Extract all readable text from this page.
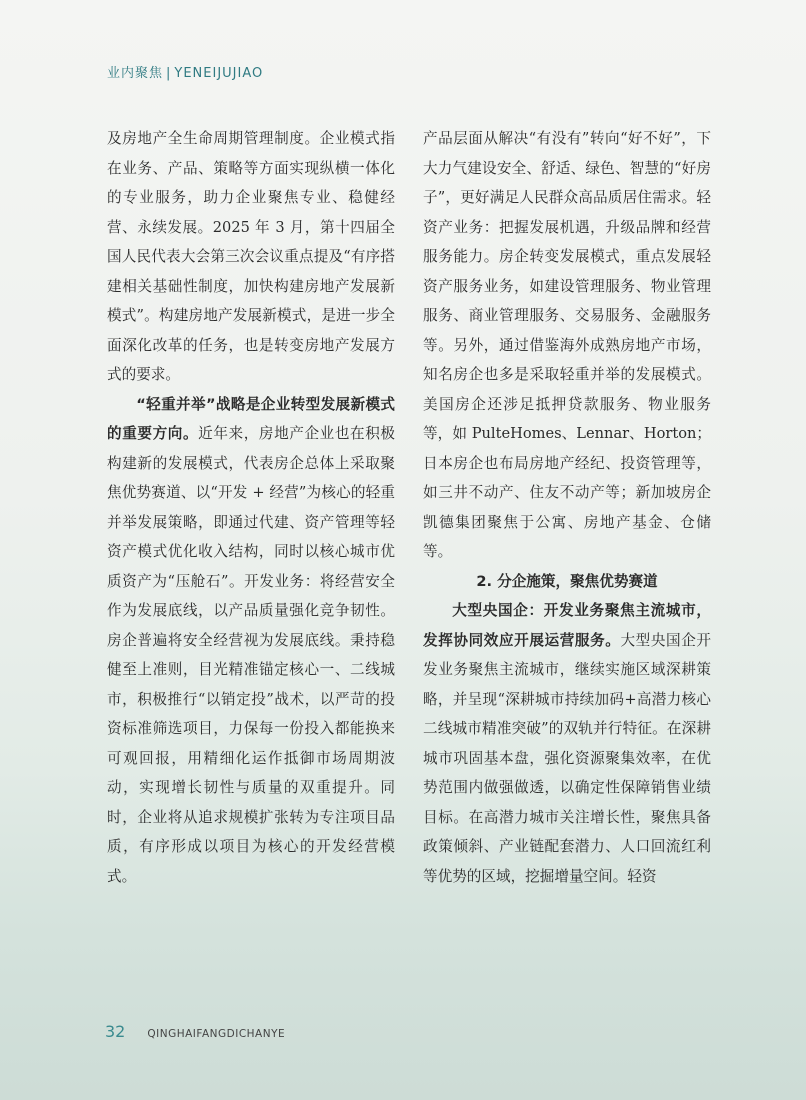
业内聚焦 | YENEIJUJIAO

及房地产全生命周期管理制度。企业模式指在业务、产品、策略等方面实现纵横一体化的专业服务，助力企业聚焦专业、稳健经营、永续发展。2025 年 3 月，第十四届全国人民代表大会第三次会议重点提及“有序搭建相关基础性制度，加快构建房地产发展新模式”。构建房地产发展新模式，是进一步全面深化改革的任务，也是转变房地产发展方式的要求。

“轻重并举”战略是企业转型发展新模式的重要方向。近年来，房地产企业也在积极构建新的发展模式，代表房企总体上采取聚焦优势赛道、以“开发 + 经营”为核心的轻重并举发展策略，即通过代建、资产管理等轻资产模式优化收入结构，同时以核心城市优质资产为“压舱石”。开发业务：将经营安全作为发展底线，以产品质量强化竞争韧性。房企普遍将安全经营视为发展底线。秉持稳健至上准则，目光精准锚定核心一、二线城市，积极推行“以销定投”战术，以严苛的投资标准筛选项目，力保每一份投入都能换来可观回报，用精细化运作抵御市场周期波动，实现增长韧性与质量的双重提升。同时，企业将从追求规模扩张转为专注项目品质，有序形成以项目为核心的开发经营模式。

产品层面从解决“有没有”转向“好不好”，下大力气建设安全、舒适、绿色、智慧的“好房子”，更好满足人民群众高品质居住需求。轻资产业务：把握发展机遇，升级品牌和经营服务能力。房企转变发展模式，重点发展轻资产服务业务，如建设管理服务、物业管理服务、商业管理服务、交易服务、金融服务等。另外，通过借鉴海外成熟房地产市场，知名房企也多是采取轻重并举的发展模式。美国房企还涉足抵押贷款服务、物业服务等，如 PulteHomes、Lennar、Horton；日本房企也布局房地产经纪、投资管理等，如三井不动产、住友不动产等；新加坡房企凯德集团聚焦于公寓、房地产基金、仓储等。

2. 分企施策，聚焦优势赛道

大型央国企：开发业务聚焦主流城市，发挥协同效应开展运营服务。大型央国企开发业务聚焦主流城市，继续实施区域深耕策略，并呈现“深耕城市持续加码+高潜力核心二线城市精准突破”的双轨并行特征。在深耕城市巩固基本盘，强化资源聚集效率，在优势范围内做强做透，以确定性保障销售业绩目标。在高潜力城市关注增长性，聚焦具备政策倾斜、产业链配套潜力、人口回流红利等优势的区域，挖掘增量空间。轻资

32 QINGHAIFANGDICHANYE
